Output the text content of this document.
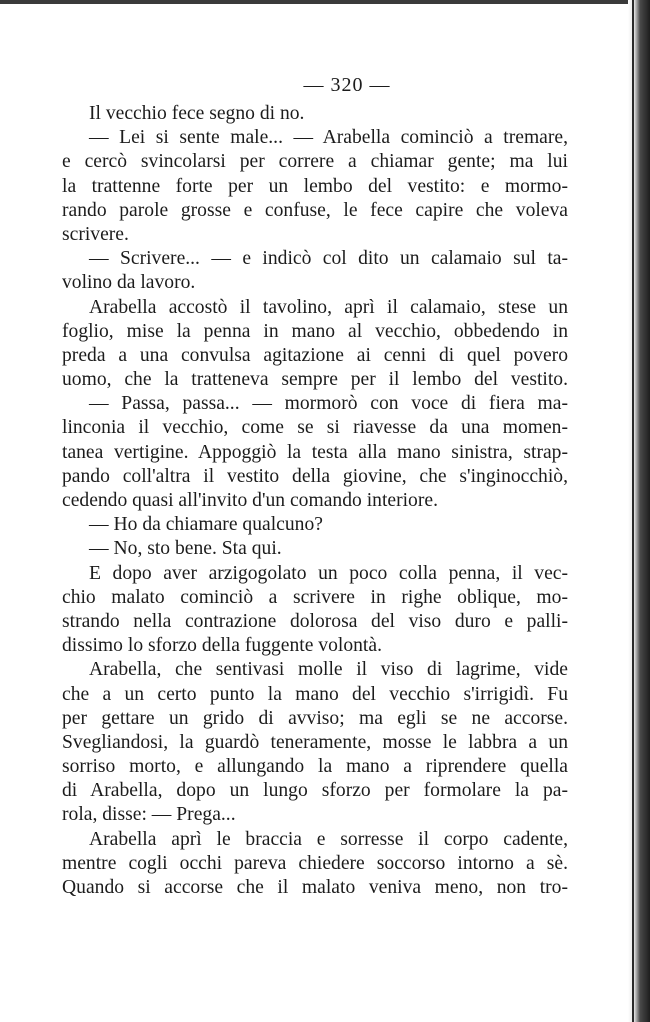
— 320 —
Il vecchio fece segno di no.
— Lei si sente male... — Arabella cominciò a tremare,
e cercò svincolarsi per correre a chiamar gente; ma lui
la trattenne forte per un lembo del vestito: e mormo-
rando parole grosse e confuse, le fece capire che voleva
scrivere.
— Scrivere... — e indicò col dito un calamaio sul ta-
volino da lavoro.
Arabella accostò il tavolino, aprì il calamaio, stese un
foglio, mise la penna in mano al vecchio, obbedendo in
preda a una convulsa agitazione ai cenni di quel povero
uomo, che la tratteneva sempre per il lembo del vestito.
— Passa, passa... — mormorò con voce di fiera ma-
linconia il vecchio, come se si riavesse da una momen-
tanea vertigine. Appoggiò la testa alla mano sinistra, strap-
pando coll'altra il vestito della giovine, che s'inginocchiò,
cedendo quasi all'invito d'un comando interiore.
— Ho da chiamare qualcuno?
— No, sto bene. Sta qui.
E dopo aver arzigogolato un poco colla penna, il vec-
chio malato cominciò a scrivere in righe oblique, mo-
strando nella contrazione dolorosa del viso duro e palli-
dissimo lo sforzo della fuggente volontà.
Arabella, che sentivasi molle il viso di lagrime, vide
che a un certo punto la mano del vecchio s'irrigidì. Fu
per gettare un grido di avviso; ma egli se ne accorse.
Svegliandosi, la guardò teneramente, mosse le labbra a un
sorriso morto, e allungando la mano a riprendere quella
di Arabella, dopo un lungo sforzo per formolare la pa-
rola, disse: — Prega...
Arabella aprì le braccia e sorresse il corpo cadente,
mentre cogli occhi pareva chiedere soccorso intorno a sè.
Quando si accorse che il malato veniva meno, non tro-
